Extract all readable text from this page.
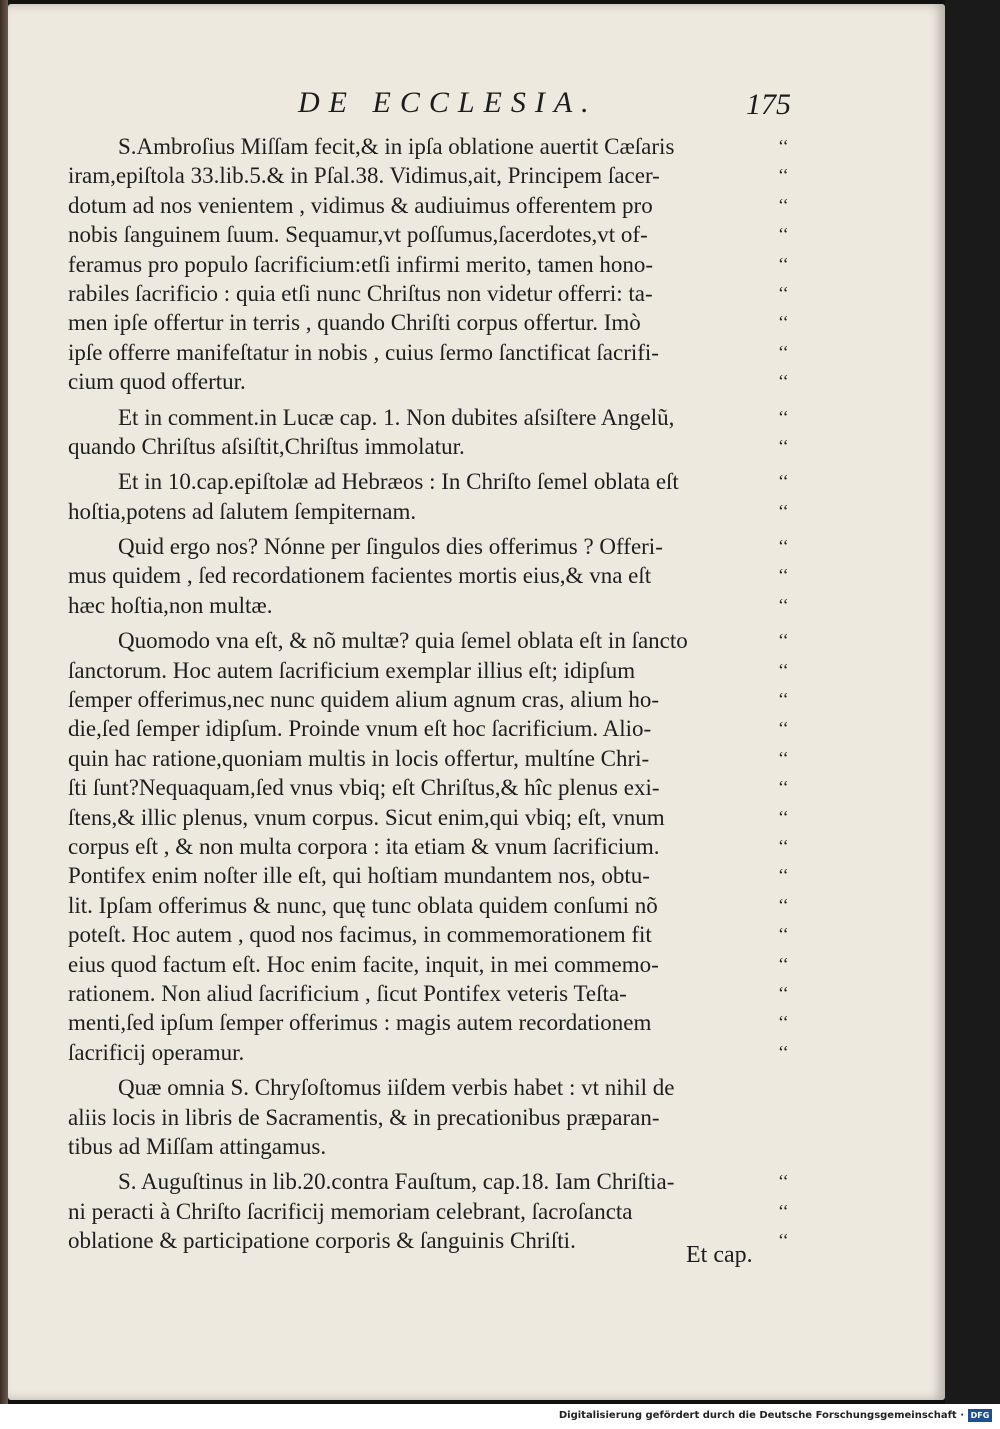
DE ECCLESIA.	175
S.Ambroſius Miſſam fecit,& in ipſa oblatione auertit Cæſaris
iram,epiſtola 33.lib.5.& in Pſal.38. Vidimus,ait, Principem ſacer-
dotum ad nos venientem , vidimus & audiuimus offerentem pro
nobis ſanguinem ſuum. Sequamur,vt poſſumus,ſacerdotes,vt of-
feramus pro populo ſacrificium:etſi infirmi merito, tamen hono-
rabiles ſacrificio : quia etſi nunc Chriſtus non videtur offerri: ta-
men ipſe offertur in terris , quando Chriſti corpus offertur. Imò
ipſe offerre manifeſtatur in nobis , cuius ſermo ſanctificat ſacrifi-
cium quod offertur.
Et in comment.in Lucæ cap. 1. Non dubites aſsiſtere Angelũ,
quando Chriſtus aſsiſtit,Chriſtus immolatur.
Et in 10.cap.epiſtolæ ad Hebræos : In Chriſto ſemel oblata eſt
hoſtia,potens ad ſalutem ſempiternam.
Quid ergo nos? Nónne per ſingulos dies offerimus ? Offeri-
mus quidem , ſed recordationem facientes mortis eius,& vna eſt
hæc hoſtia,non multæ.
Quomodo vna eſt, & nõ multæ? quia ſemel oblata eſt in ſancto
ſanctorum. Hoc autem ſacrificium exemplar illius eſt; idipſum
ſemper offerimus,nec nunc quidem alium agnum cras, alium ho-
die,ſed ſemper idipſum. Proinde vnum eſt hoc ſacrificium. Alio-
quin hac ratione,quoniam multis in locis offertur, multíne Chri-
ſti ſunt?Nequaquam,ſed vnus vbiq; eſt Chriſtus,& hîc plenus exi-
ſtens,& illic plenus, vnum corpus. Sicut enim,qui vbiq; eſt, vnum
corpus eſt , & non multa corpora : ita etiam & vnum ſacrificium.
Pontifex enim noſter ille eſt, qui hoſtiam mundantem nos, obtu-
lit. Ipſam offerimus & nunc, quę tunc oblata quidem conſumi nõ
poteſt. Hoc autem , quod nos facimus, in commemorationem fit
eius quod factum eſt. Hoc enim facite, inquit, in mei commemo-
rationem. Non aliud ſacrificium , ſicut Pontifex veteris Teſta-
menti,ſed ipſum ſemper offerimus : magis autem recordationem
ſacrificij operamur.
Quæ omnia S. Chryſoſtomus iiſdem verbis habet : vt nihil de
aliis locis in libris de Sacramentis, & in precationibus præparan-
tibus ad Miſſam attingamus.
S. Auguſtinus in lib.20.contra Fauſtum, cap.18. Iam Chriſtia-
ni peracti à Chriſto ſacrificij memoriam celebrant, ſacroſancta
oblatione & participatione corporis & ſanguinis Chriſti.
‘‘
‘‘
‘‘
‘‘
‘‘
‘‘
‘‘
‘‘
‘‘
‘‘
‘‘
‘‘
‘‘
‘‘
‘‘
‘‘
‘‘
‘‘
‘‘
‘‘
‘‘
‘‘
‘‘
‘‘
‘‘
‘‘
‘‘
‘‘
‘‘
‘‘
‘‘
‘‘
‘‘
‘‘
Et cap.
Digitalisierung gefördert durch die Deutsche Forschungsgemeinschaft · DFG
